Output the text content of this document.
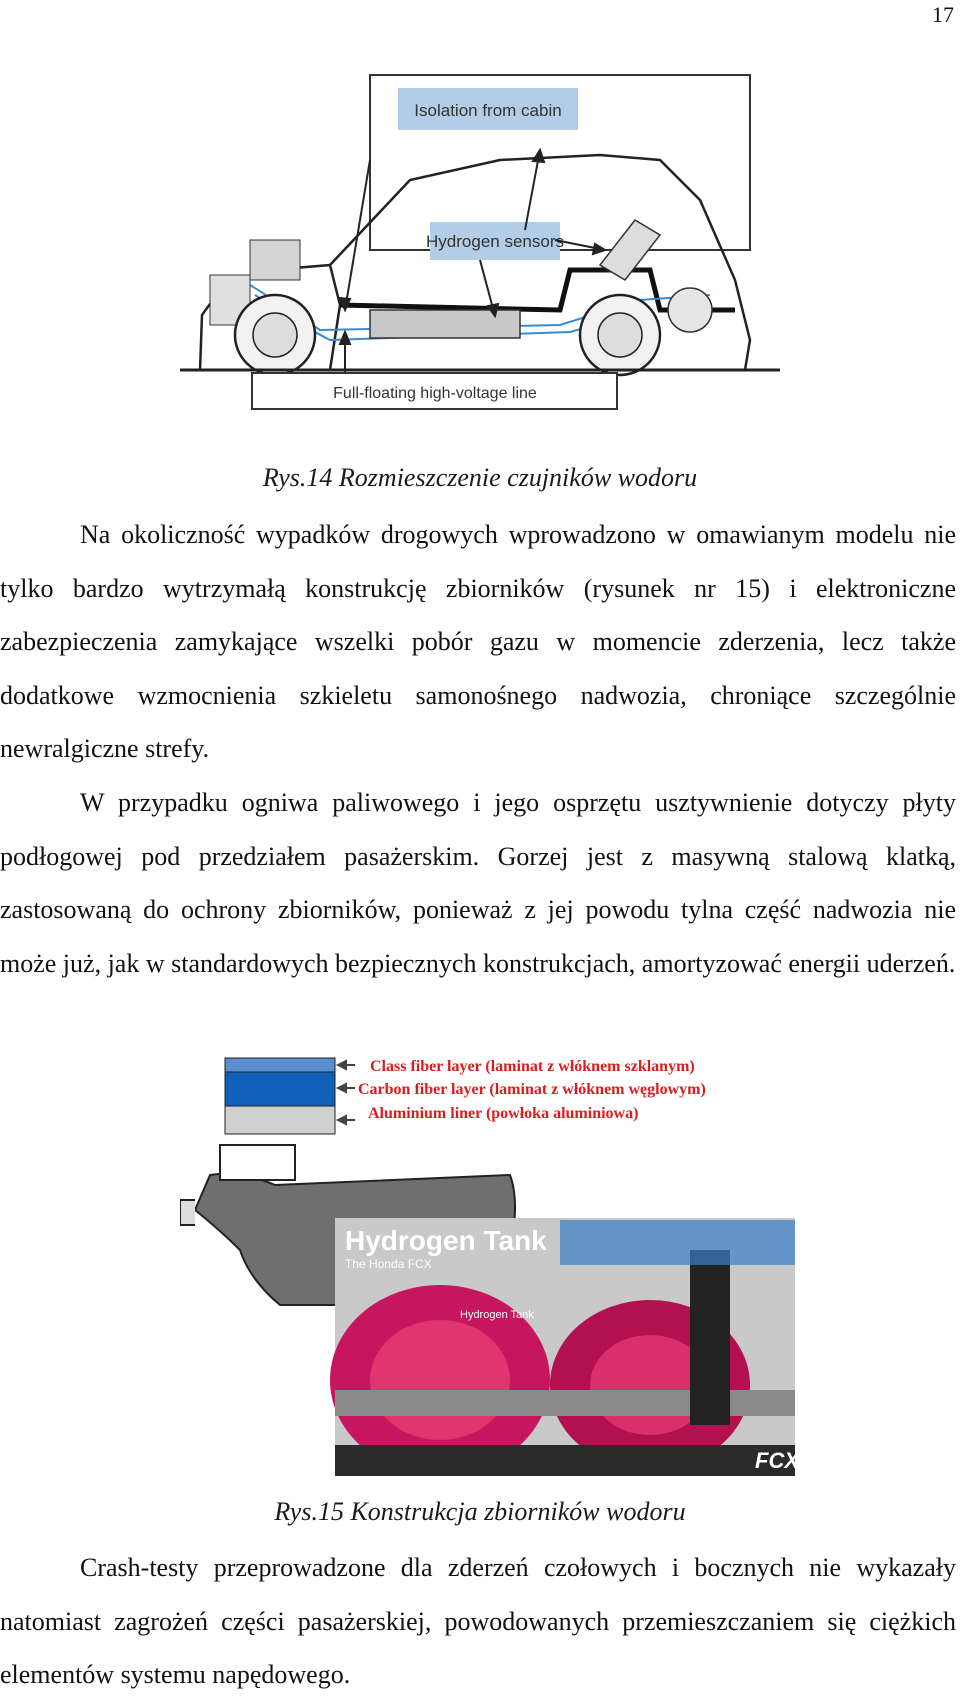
17
Isolation from cabin
Hydrogen sensors
Full-floating high-voltage line
Rys.14 Rozmieszczenie czujników wodoru

Na okoliczność wypadków drogowych wprowadzono w omawianym modelu nie tylko bardzo wytrzymałą konstrukcję zbiorników (rysunek nr 15) i elektroniczne zabezpieczenia zamykające wszelki pobór gazu w momencie zderzenia, lecz także dodatkowe wzmocnienia szkieletu samonośnego nadwozia, chroniące szczególnie newralgiczne strefy.

W przypadku ogniwa paliwowego i jego osprzętu usztywnienie dotyczy płyty podłogowej pod przedziałem pasażerskim. Gorzej jest z masywną stalową klatką, zastosowaną do ochrony zbiorników, ponieważ z jej powodu tylna część nadwozia nie może już, jak w standardowych bezpiecznych konstrukcjach, amortyzować energii uderzeń.

Class fiber layer (laminat z włóknem szklanym)
Carbon fiber layer (laminat z włóknem węglowym)
Aluminium liner (powłoka aluminiowa)
Hydrogen Tank
The Honda FCX
Hydrogen Tank
FCX
Rys.15 Konstrukcja zbiorników wodoru

Crash-testy przeprowadzone dla zderzeń czołowych i bocznych nie wykazały natomiast zagrożeń części pasażerskiej, powodowanych przemieszczaniem się ciężkich elementów systemu napędowego.
